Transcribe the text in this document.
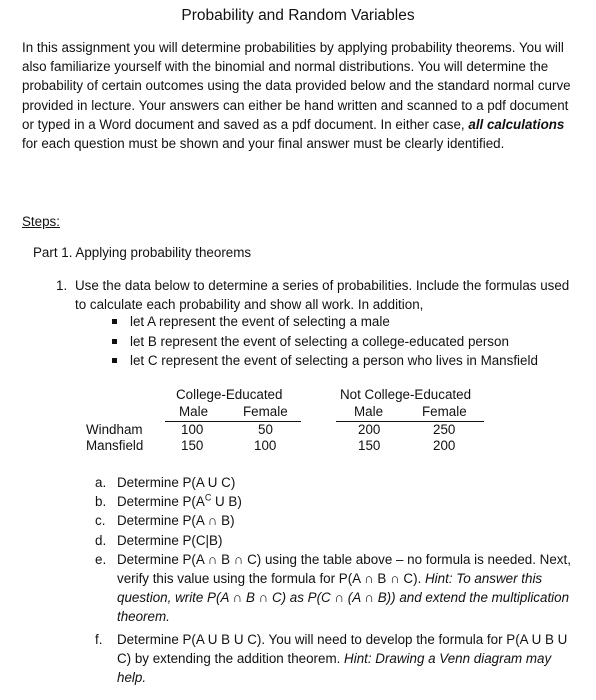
Probability and Random Variables
In this assignment you will determine probabilities by applying probability theorems. You will also familiarize yourself with the binomial and normal distributions. You will determine the probability of certain outcomes using the data provided below and the standard normal curve provided in lecture. Your answers can either be hand written and scanned to a pdf document or typed in a Word document and saved as a pdf document. In either case, all calculations for each question must be shown and your final answer must be clearly identified.
Steps:
Part 1. Applying probability theorems
1. Use the data below to determine a series of probabilities. Include the formulas used to calculate each probability and show all work. In addition,
let A represent the event of selecting a male
let B represent the event of selecting a college-educated person
let C represent the event of selecting a person who lives in Mansfield
College-Educated	Not College-Educated
Male	Female	Male	Female
Windham	100	50	200	250
Mansfield	150	100	150	200
a. Determine P(A U C)
b. Determine $P(A^C$ U B)
c. Determine P(A ∩ B)
d. Determine P(C|B)
e. Determine P(A ∩ B ∩ C) using the table above – no formula is needed. Next, verify this value using the formula for P(A ∩ B ∩ C). Hint: To answer this question, write P(A ∩ B ∩ C) as P(C ∩ (A ∩ B)) and extend the multiplication theorem.
f. Determine P(A U B U C). You will need to develop the formula for P(A U B U C) by extending the addition theorem. Hint: Drawing a Venn diagram may help.
